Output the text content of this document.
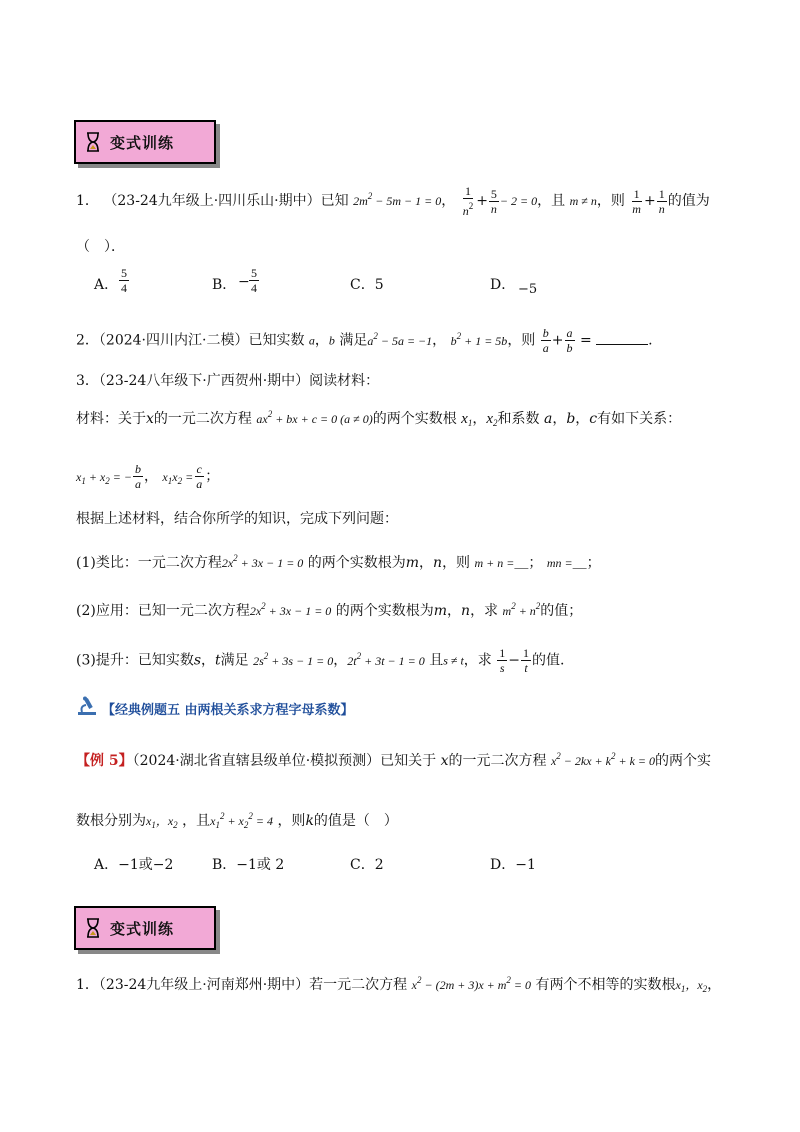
变式训练
1． （23-24九年级上·四川乐山·期中）已知 $2m^2 - 5m - 1 = 0$， $\frac{1}{n^2} + \frac{5}{n} - 2 = 0$，且 m ≠ n，则 $\frac{1}{m} + \frac{1}{n}$ 的值为
（　）．
A．
5
4	B． −
5
4	C．5	D． −5
2．（2024·四川内江·二模）已知实数 a，b 满足$a^2 - 5a = -1$， $b^2 + 1 = 5b$，则 $\frac{b}{a} + \frac{a}{b}$ =	.
3．（23-24八年级下·广西贺州·期中）阅读材料：
材料：关于x的一元二次方程 $ax^2$ + bx + c = 0 (a ≠ 0)的两个实数根 $x_1$，$x_2$和系数 a，b，c有如下关系：
$x_1 + x_2$ = − $\frac{b}{a}$ ， $x_1x_2 = \frac{c}{a}$ ；
根据上述材料，结合你所学的知识，完成下列问题：
(1)类比：一元二次方程$2x^2 + 3x - 1 = 0$ 的两个实数根为m，n，则 m + n =＿； mn =＿；
(2)应用：已知一元二次方程$2x^2 + 3x - 1 = 0$ 的两个实数根为m，n，求 $m^2 + n^2$的值；
(3)提升：已知实数s，t满足 $2s^2 + 3s - 1 = 0$，$2t^2 + 3t - 1 = 0$ 且s ≠ t，求 $\frac{1}{s} - \frac{1}{t}$ 的值.
【经典例题五 由两根关系求方程字母系数】
【例 5】（2024·湖北省直辖县级单位·模拟预测）已知关于 x的一元二次方程 $x^2 - 2kx + k^2 + k = 0$的两个实
数根分别为$x_1$，$x_2$ ，且$x_1^2 + x_2^2 = 4$ ，则k的值是（　）
A．−1或−2	B．−1或 2	C．2	D．−1
变式训练
1．（23-24九年级上·河南郑州·期中）若一元二次方程 $x^2 - (2m + 3)x + m^2 = 0$ 有两个不相等的实数根$x_1$，$x_2$，
